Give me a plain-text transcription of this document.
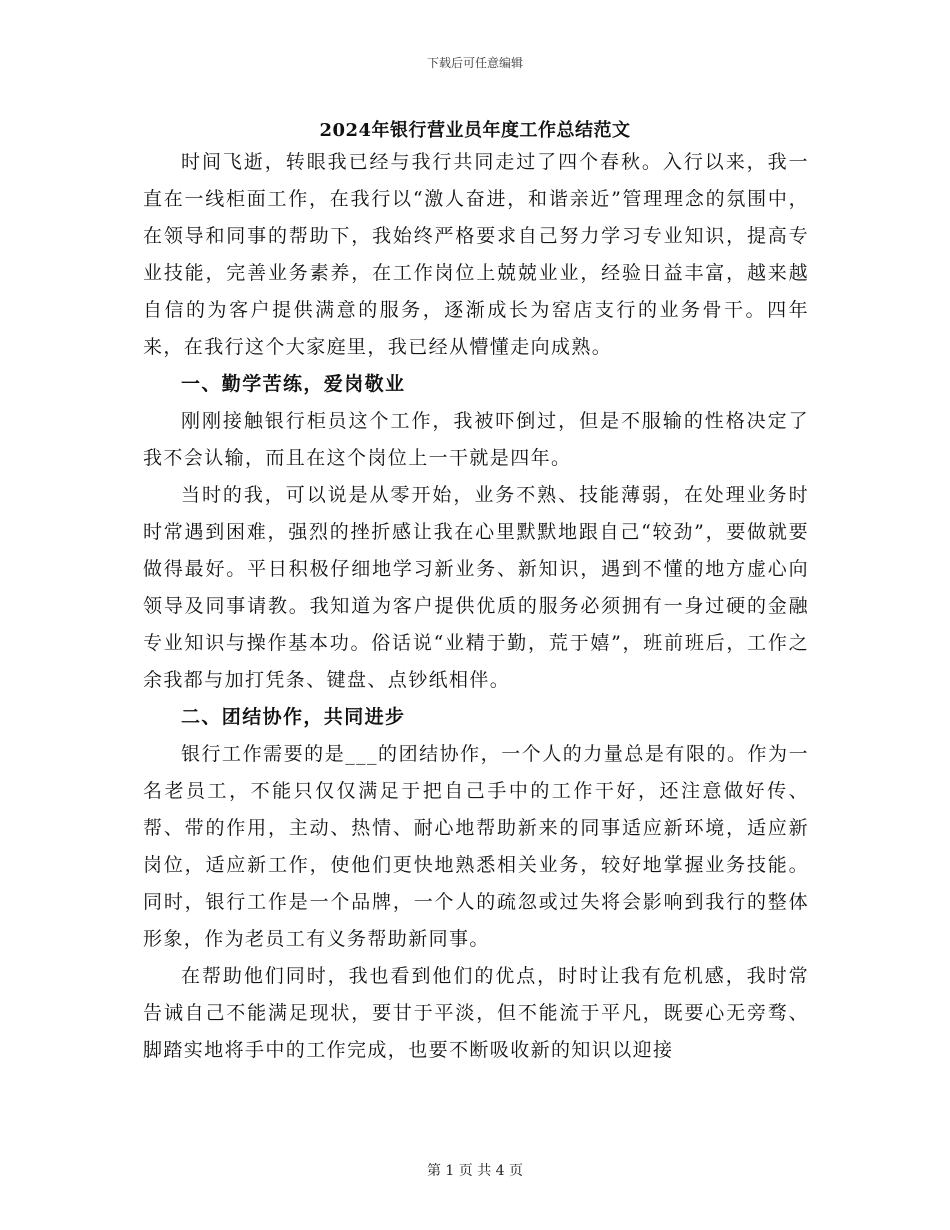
下载后可任意编辑
2024年银行营业员年度工作总结范文

时间飞逝，转眼我已经与我行共同走过了四个春秋。入行以来，我一直在一线柜面工作，在我行以“激人奋进，和谐亲近”管理理念的氛围中，在领导和同事的帮助下，我始终严格要求自己努力学习专业知识，提高专业技能，完善业务素养，在工作岗位上兢兢业业，经验日益丰富，越来越自信的为客户提供满意的服务，逐渐成长为窑店支行的业务骨干。四年来，在我行这个大家庭里，我已经从懵懂走向成熟。

一、勤学苦练，爱岗敬业

刚刚接触银行柜员这个工作，我被吓倒过，但是不服输的性格决定了我不会认输，而且在这个岗位上一干就是四年。

当时的我，可以说是从零开始，业务不熟、技能薄弱，在处理业务时时常遇到困难，强烈的挫折感让我在心里默默地跟自己“较劲”，要做就要做得最好。平日积极仔细地学习新业务、新知识，遇到不懂的地方虚心向领导及同事请教。我知道为客户提供优质的服务必须拥有一身过硬的金融专业知识与操作基本功。俗话说“业精于勤，荒于嬉”，班前班后，工作之余我都与加打凭条、键盘、点钞纸相伴。

二、团结协作，共同进步

银行工作需要的是___的团结协作，一个人的力量总是有限的。作为一名老员工，不能只仅仅满足于把自己手中的工作干好，还注意做好传、帮、带的作用，主动、热情、耐心地帮助新来的同事适应新环境，适应新岗位，适应新工作，使他们更快地熟悉相关业务，较好地掌握业务技能。同时，银行工作是一个品牌，一个人的疏忽或过失将会影响到我行的整体形象，作为老员工有义务帮助新同事。

在帮助他们同时，我也看到他们的优点，时时让我有危机感，我时常告诫自己不能满足现状，要甘于平淡，但不能流于平凡，既要心无旁骛、脚踏实地将手中的工作完成，也要不断吸收新的知识以迎接

第 1 页 共 4 页
